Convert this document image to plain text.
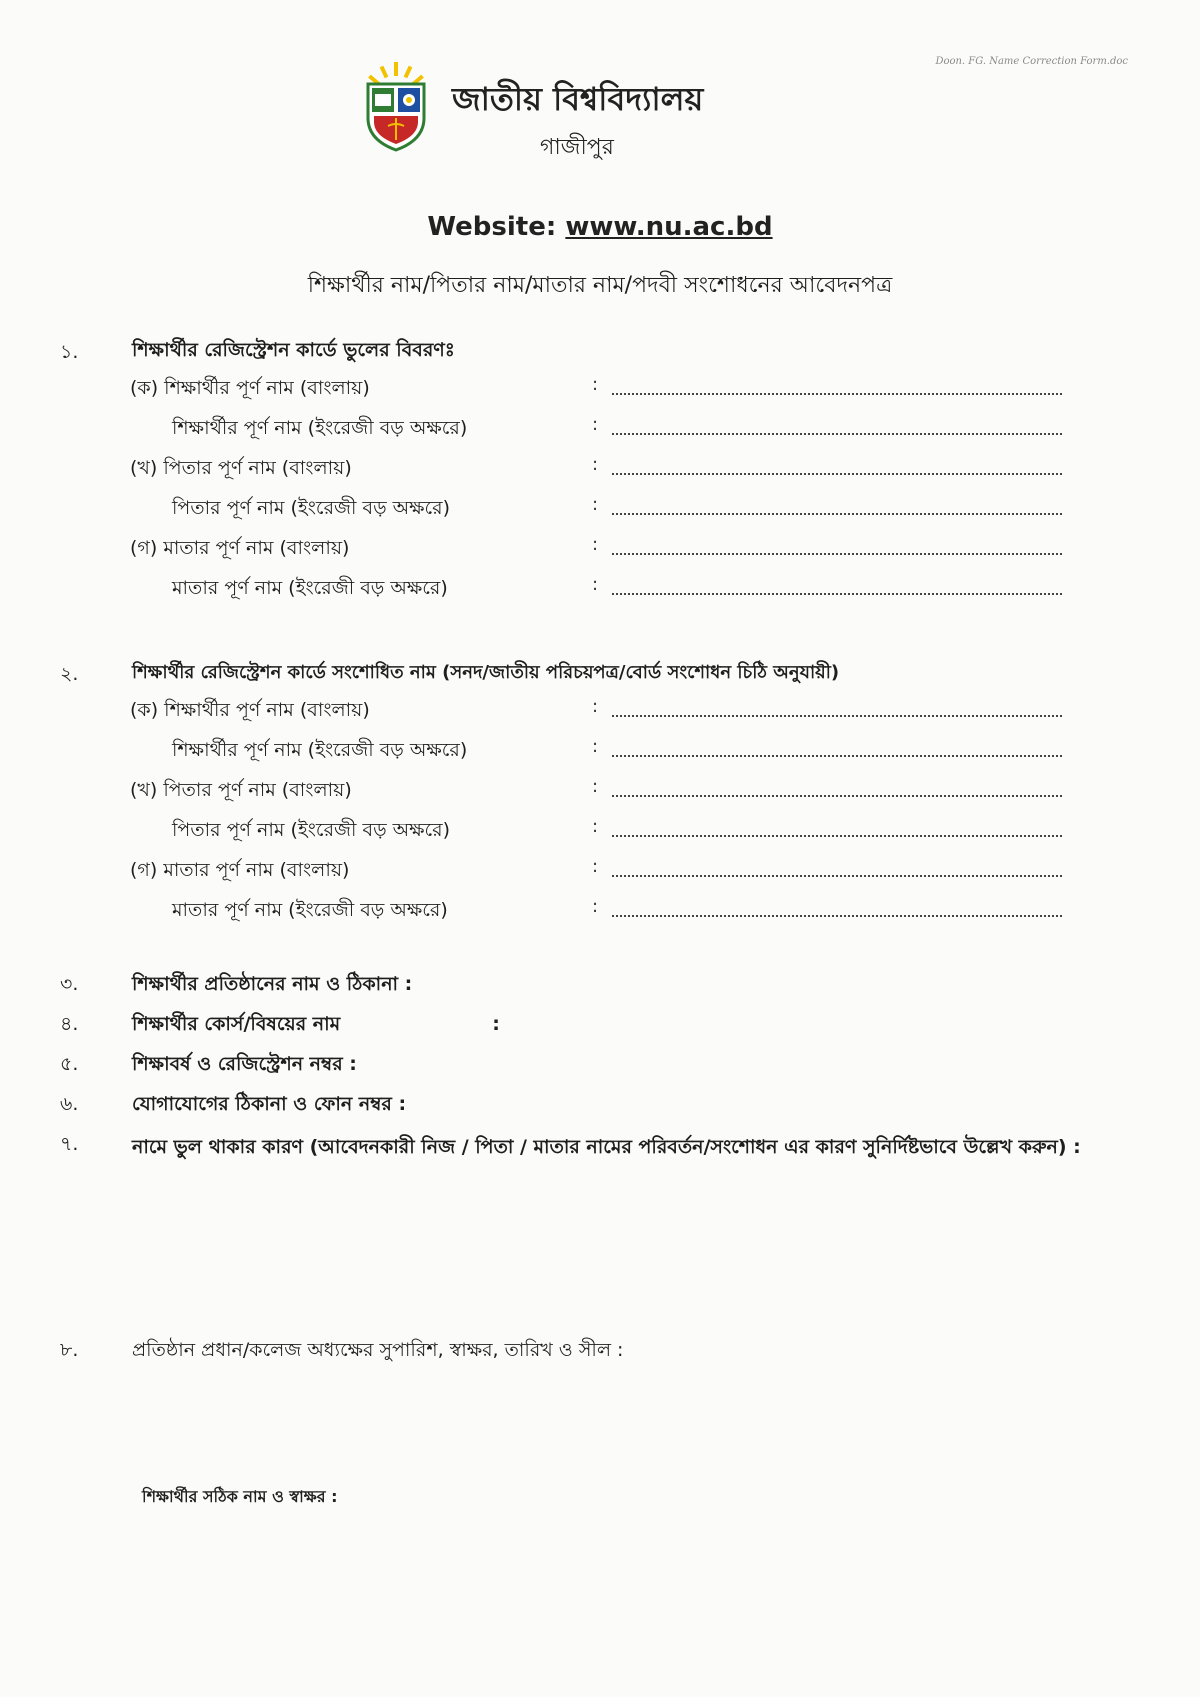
Doon. FG. Name Correction Form.doc
জাতীয় বিশ্ববিদ্যালয়
গাজীপুর
Website: www.nu.ac.bd
শিক্ষার্থীর নাম/পিতার নাম/মাতার নাম/পদবী সংশোধনের আবেদনপত্র
১.	শিক্ষার্থীর রেজিস্ট্রেশন কার্ডে ভুলের বিবরণঃ
(ক) শিক্ষার্থীর পূর্ণ নাম (বাংলায়)	:
শিক্ষার্থীর পূর্ণ নাম (ইংরেজী বড় অক্ষরে)	:
(খ) পিতার পূর্ণ নাম (বাংলায়)	:
পিতার পূর্ণ নাম (ইংরেজী বড় অক্ষরে)	:
(গ) মাতার পূর্ণ নাম (বাংলায়)	:
মাতার পূর্ণ নাম (ইংরেজী বড় অক্ষরে)	:
২.	শিক্ষার্থীর রেজিস্ট্রেশন কার্ডে সংশোধিত নাম (সনদ/জাতীয় পরিচয়পত্র/বোর্ড সংশোধন চিঠি অনুযায়ী)
(ক) শিক্ষার্থীর পূর্ণ নাম (বাংলায়)	:
শিক্ষার্থীর পূর্ণ নাম (ইংরেজী বড় অক্ষরে)	:
(খ) পিতার পূর্ণ নাম (বাংলায়)	:
পিতার পূর্ণ নাম (ইংরেজী বড় অক্ষরে)	:
(গ) মাতার পূর্ণ নাম (বাংলায়)	:
মাতার পূর্ণ নাম (ইংরেজী বড় অক্ষরে)	:
৩.	শিক্ষার্থীর প্রতিষ্ঠানের নাম ও ঠিকানা :
৪.	শিক্ষার্থীর কোর্স/বিষয়ের নাম                       :
৫.	শিক্ষাবর্ষ ও রেজিস্ট্রেশন নম্বর :
৬.	যোগাযোগের ঠিকানা ও ফোন নম্বর :
৭.	নামে ভুল থাকার কারণ (আবেদনকারী নিজ / পিতা / মাতার নামের পরিবর্তন/সংশোধন এর কারণ সুনির্দিষ্টভাবে উল্লেখ করুন) :
৮.	প্রতিষ্ঠান প্রধান/কলেজ অধ্যক্ষের সুপারিশ, স্বাক্ষর, তারিখ ও সীল :
শিক্ষার্থীর সঠিক নাম ও স্বাক্ষর :
